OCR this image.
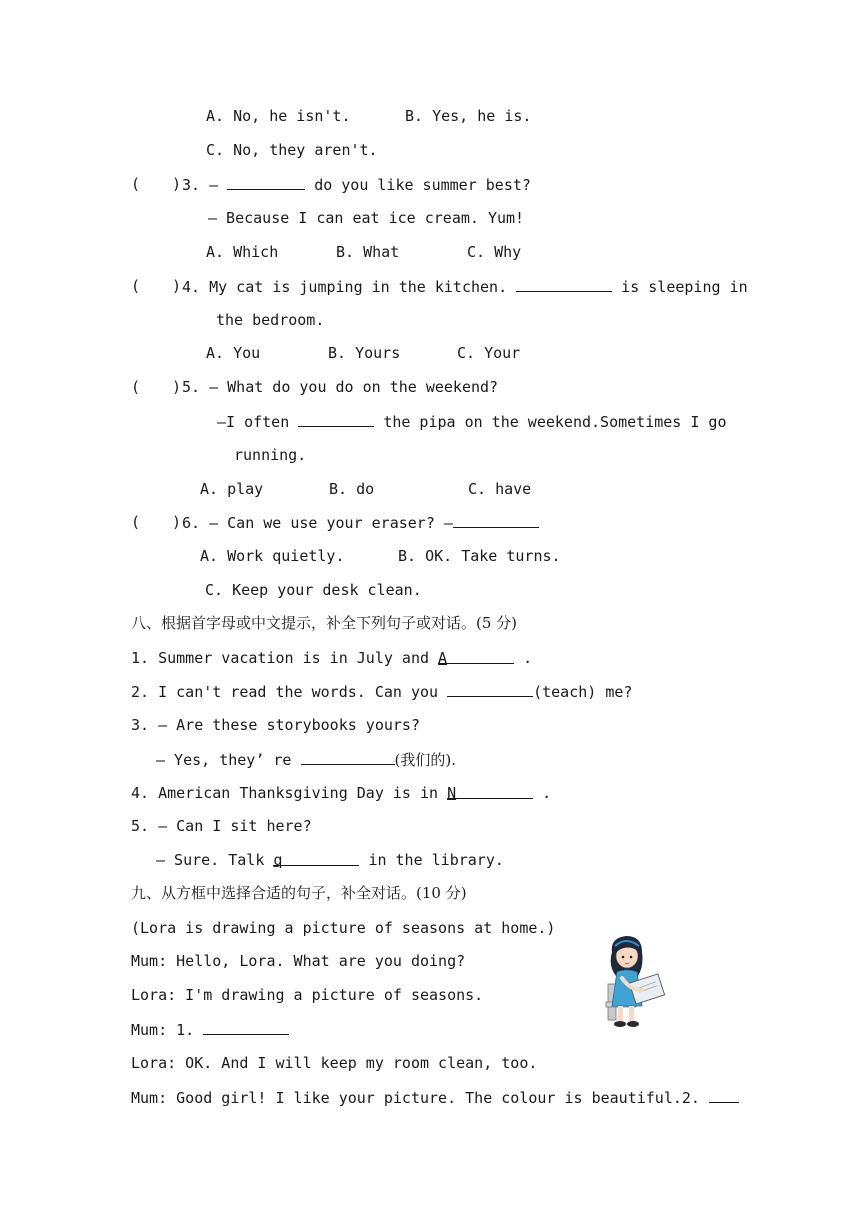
A. No, he isn't.	B. Yes, he is.
C. No, they aren't.
( ) 3. —	do you like summer best?
— Because I can eat ice cream. Yum!
A. Which	B. What	C. Why
( ) 4. My cat is jumping in the kitchen.	is sleeping in
the bedroom.
A. You	B. Yours	C. Your
( ) 5. — What do you do on the weekend?
—I often	the pipa on the weekend.Sometimes I go
running.
A. play	B. do	C. have
( ) 6. — Can we use your eraser? —
A. Work quietly.	B. OK. Take turns.
C. Keep your desk clean.
八、根据首字母或中文提示，补全下列句子或对话。(5 分)
1. Summer vacation is in July and A	.
2. I can't read the words. Can you	(teach) me?
3. — Are these storybooks yours?
— Yes, they’ re	(我们的).
4. American Thanksgiving Day is in N	.
5. — Can I sit here?
— Sure. Talk q	in the library.
九、从方框中选择合适的句子，补全对话。(10 分)
(Lora is drawing a picture of seasons at home.)
Mum: Hello, Lora. What are you doing?
Lora: I'm drawing a picture of seasons.
Mum: 1.
Lora: OK. And I will keep my room clean, too.
Mum: Good girl! I like your picture. The colour is beautiful.2.
